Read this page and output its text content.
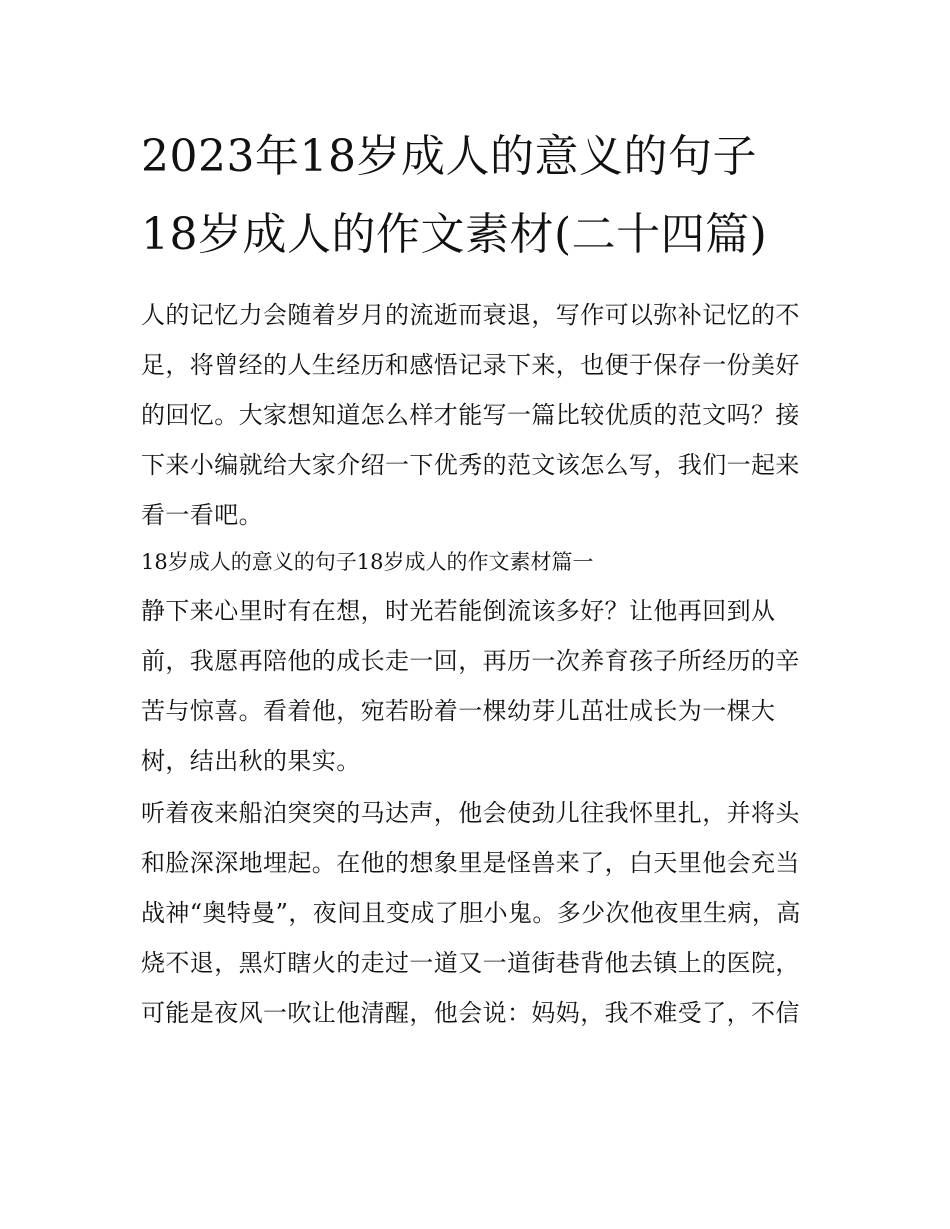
2023年18岁成人的意义的句子18岁成人的作文素材(二十四篇)

人的记忆力会随着岁月的流逝而衰退，写作可以弥补记忆的不足，将曾经的人生经历和感悟记录下来，也便于保存一份美好的回忆。大家想知道怎么样才能写一篇比较优质的范文吗？接下来小编就给大家介绍一下优秀的范文该怎么写，我们一起来看一看吧。

18岁成人的意义的句子18岁成人的作文素材篇一

静下来心里时有在想，时光若能倒流该多好？让他再回到从前，我愿再陪他的成长走一回，再历一次养育孩子所经历的辛苦与惊喜。看着他，宛若盼着一棵幼芽儿茁壮成长为一棵大树，结出秋的果实。

听着夜来船泊突突的马达声，他会使劲儿往我怀里扎，并将头和脸深深地埋起。在他的想象里是怪兽来了，白天里他会充当战神“奥特曼”，夜间且变成了胆小鬼。多少次他夜里生病，高烧不退，黑灯瞎火的走过一道又一道街巷背他去镇上的医院，可能是夜风一吹让他清醒，他会说：妈妈，我不难受了，不信
